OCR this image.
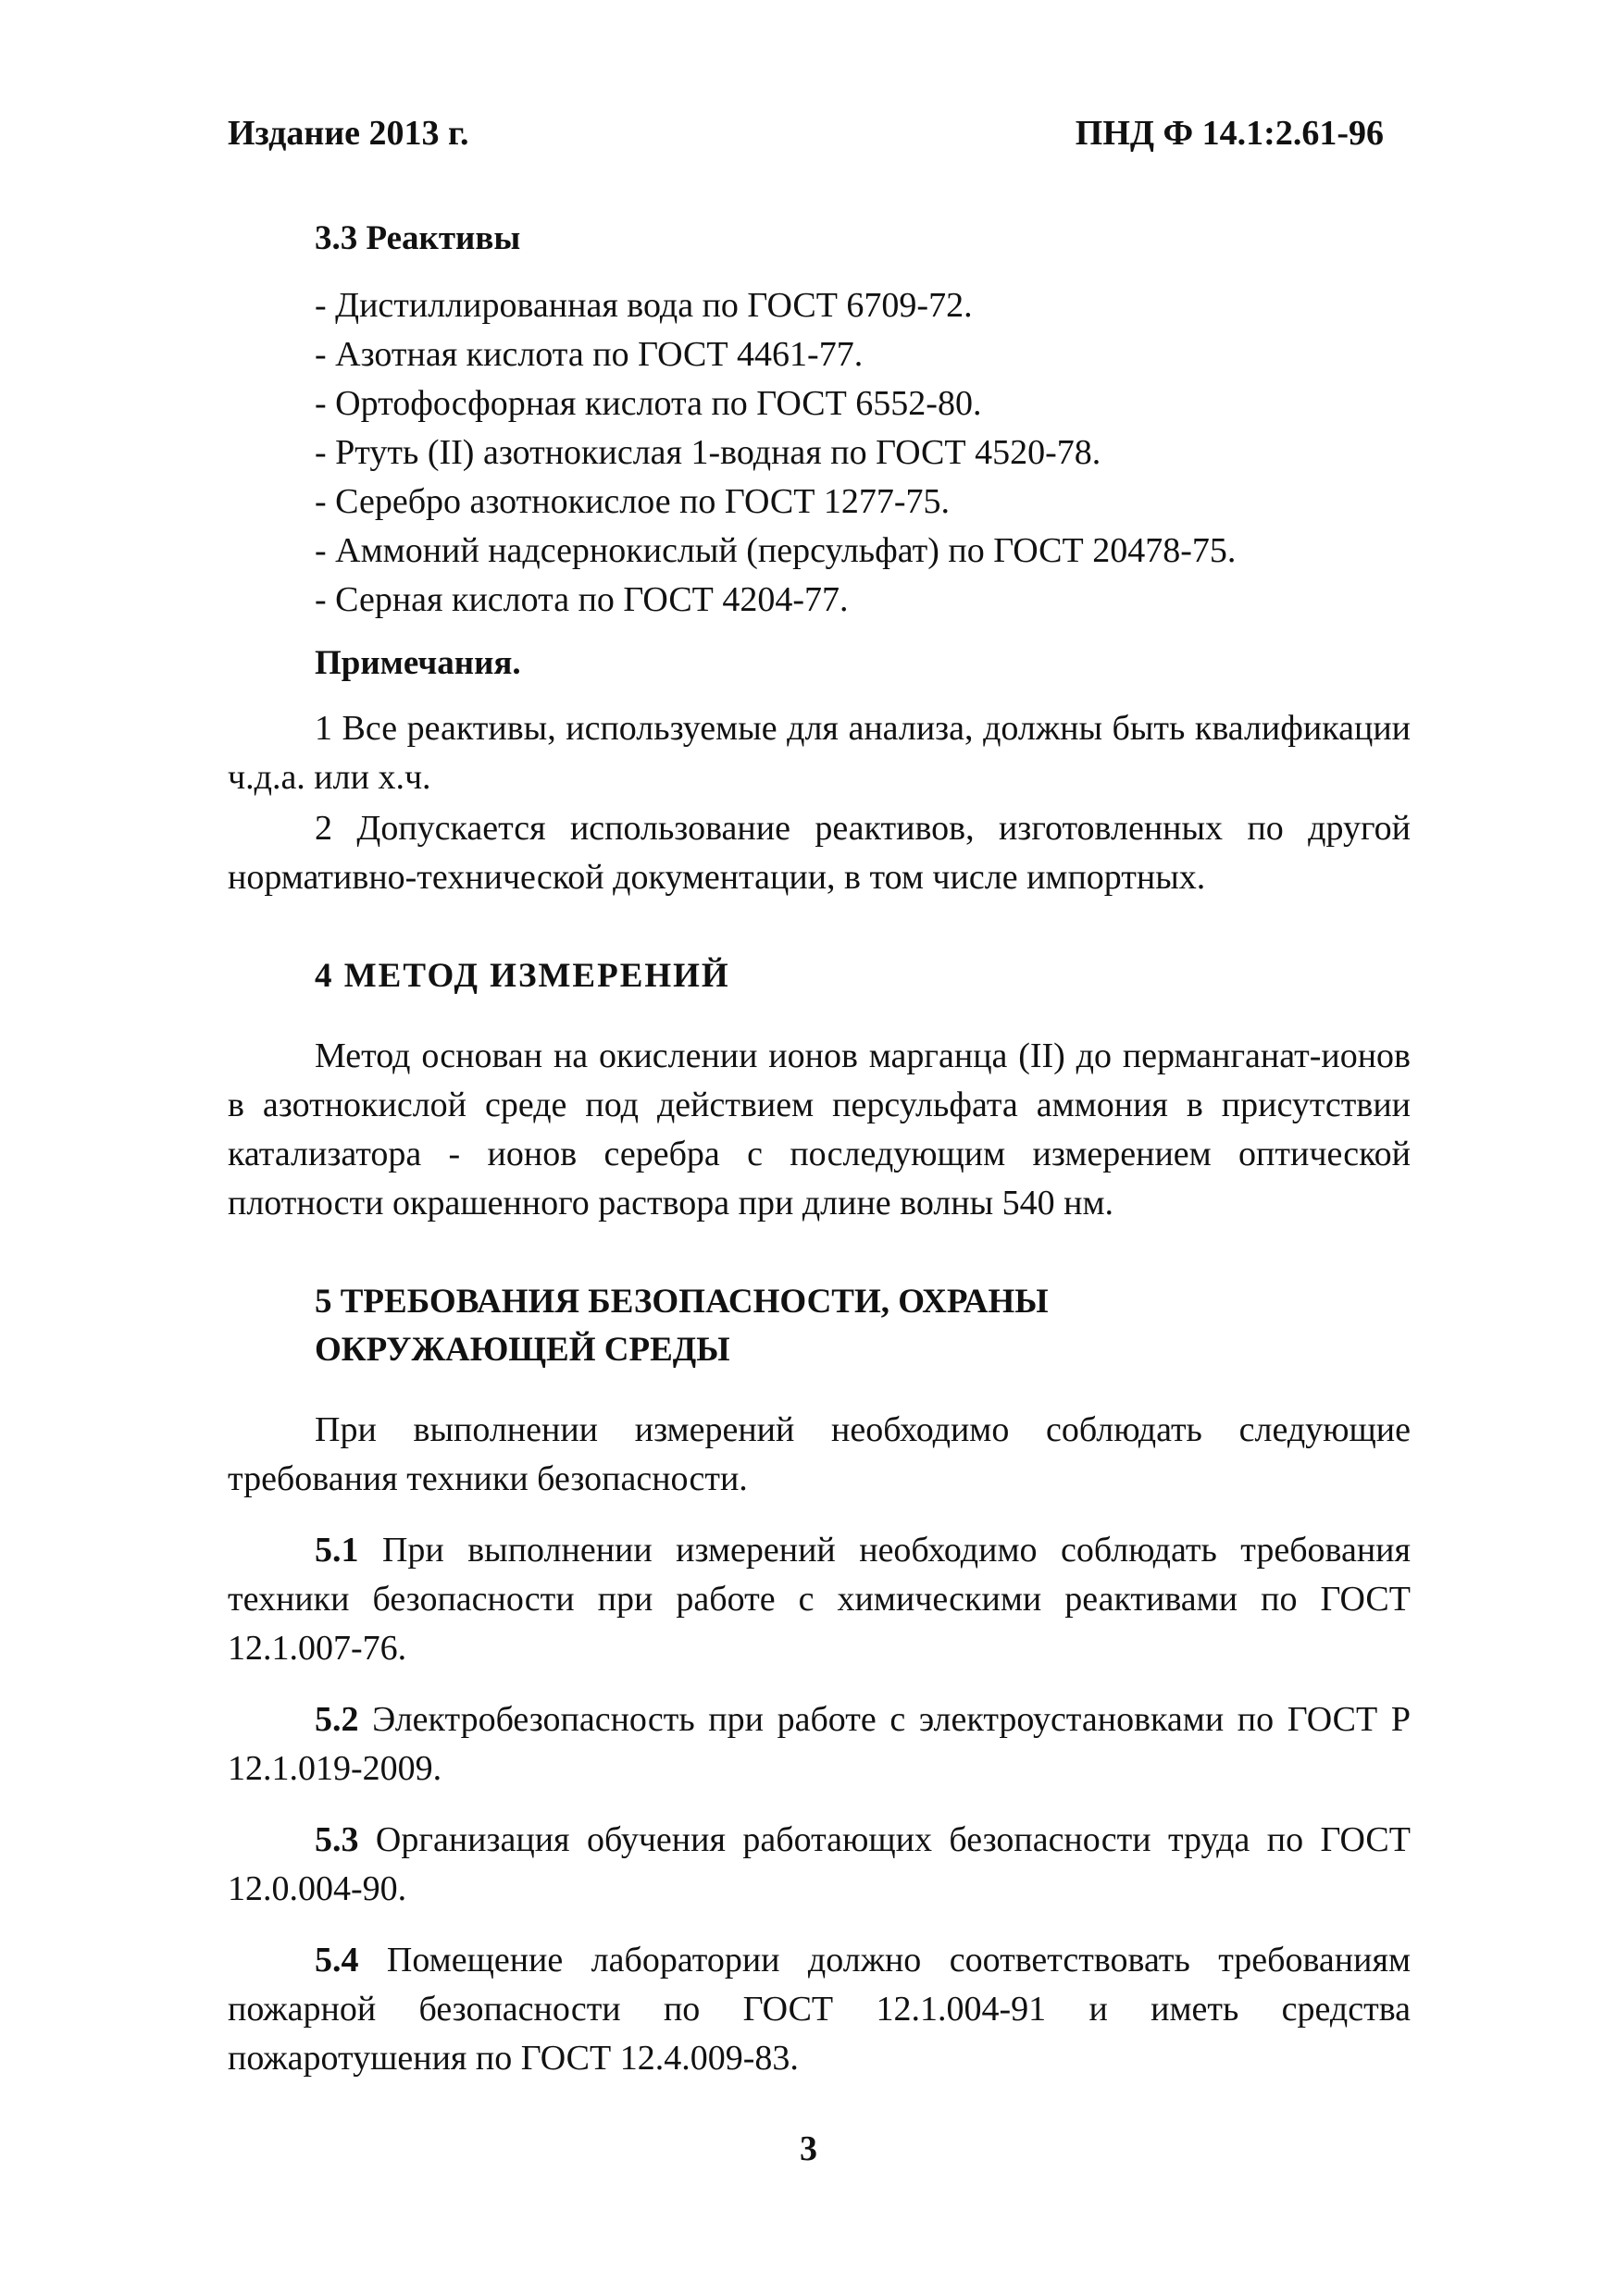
Издание 2013 г.	ПНД Ф 14.1:2.61-96
3.3 Реактивы
- Дистиллированная вода по ГОСТ 6709-72.
- Азотная кислота по ГОСТ 4461-77.
- Ортофосфорная кислота по ГОСТ 6552-80.
- Ртуть (II) азотнокислая 1-водная по ГОСТ 4520-78.
- Серебро азотнокислое по ГОСТ 1277-75.
- Аммоний надсернокислый (персульфат) по ГОСТ 20478-75.
- Серная кислота по ГОСТ 4204-77.
Примечания.

1 Все реактивы, используемые для анализа, должны быть квалификации ч.д.а. или х.ч.

2 Допускается использование реактивов, изготовленных по другой нормативно-технической документации, в том числе импортных.

4 МЕТОД ИЗМЕРЕНИЙ

Метод основан на окислении ионов марганца (II) до перманганат-ионов в азотнокислой среде под действием персульфата аммония в присутствии катализатора - ионов серебра с последующим измерением оптической плотности окрашенного раствора при длине волны 540 нм.

5 ТРЕБОВАНИЯ БЕЗОПАСНОСТИ, ОХРАНЫ
ОКРУЖАЮЩЕЙ СРЕДЫ

При выполнении измерений необходимо соблюдать следующие требования техники безопасности.

5.1 При выполнении измерений необходимо соблюдать требования техники безопасности при работе с химическими реактивами по ГОСТ 12.1.007-76.

5.2 Электробезопасность при работе с электроустановками по ГОСТ Р 12.1.019-2009.

5.3 Организация обучения работающих безопасности труда по ГОСТ 12.0.004-90.

5.4 Помещение лаборатории должно соответствовать требованиям пожарной безопасности по ГОСТ 12.1.004-91 и иметь средства пожаротушения по ГОСТ 12.4.009-83.

3
